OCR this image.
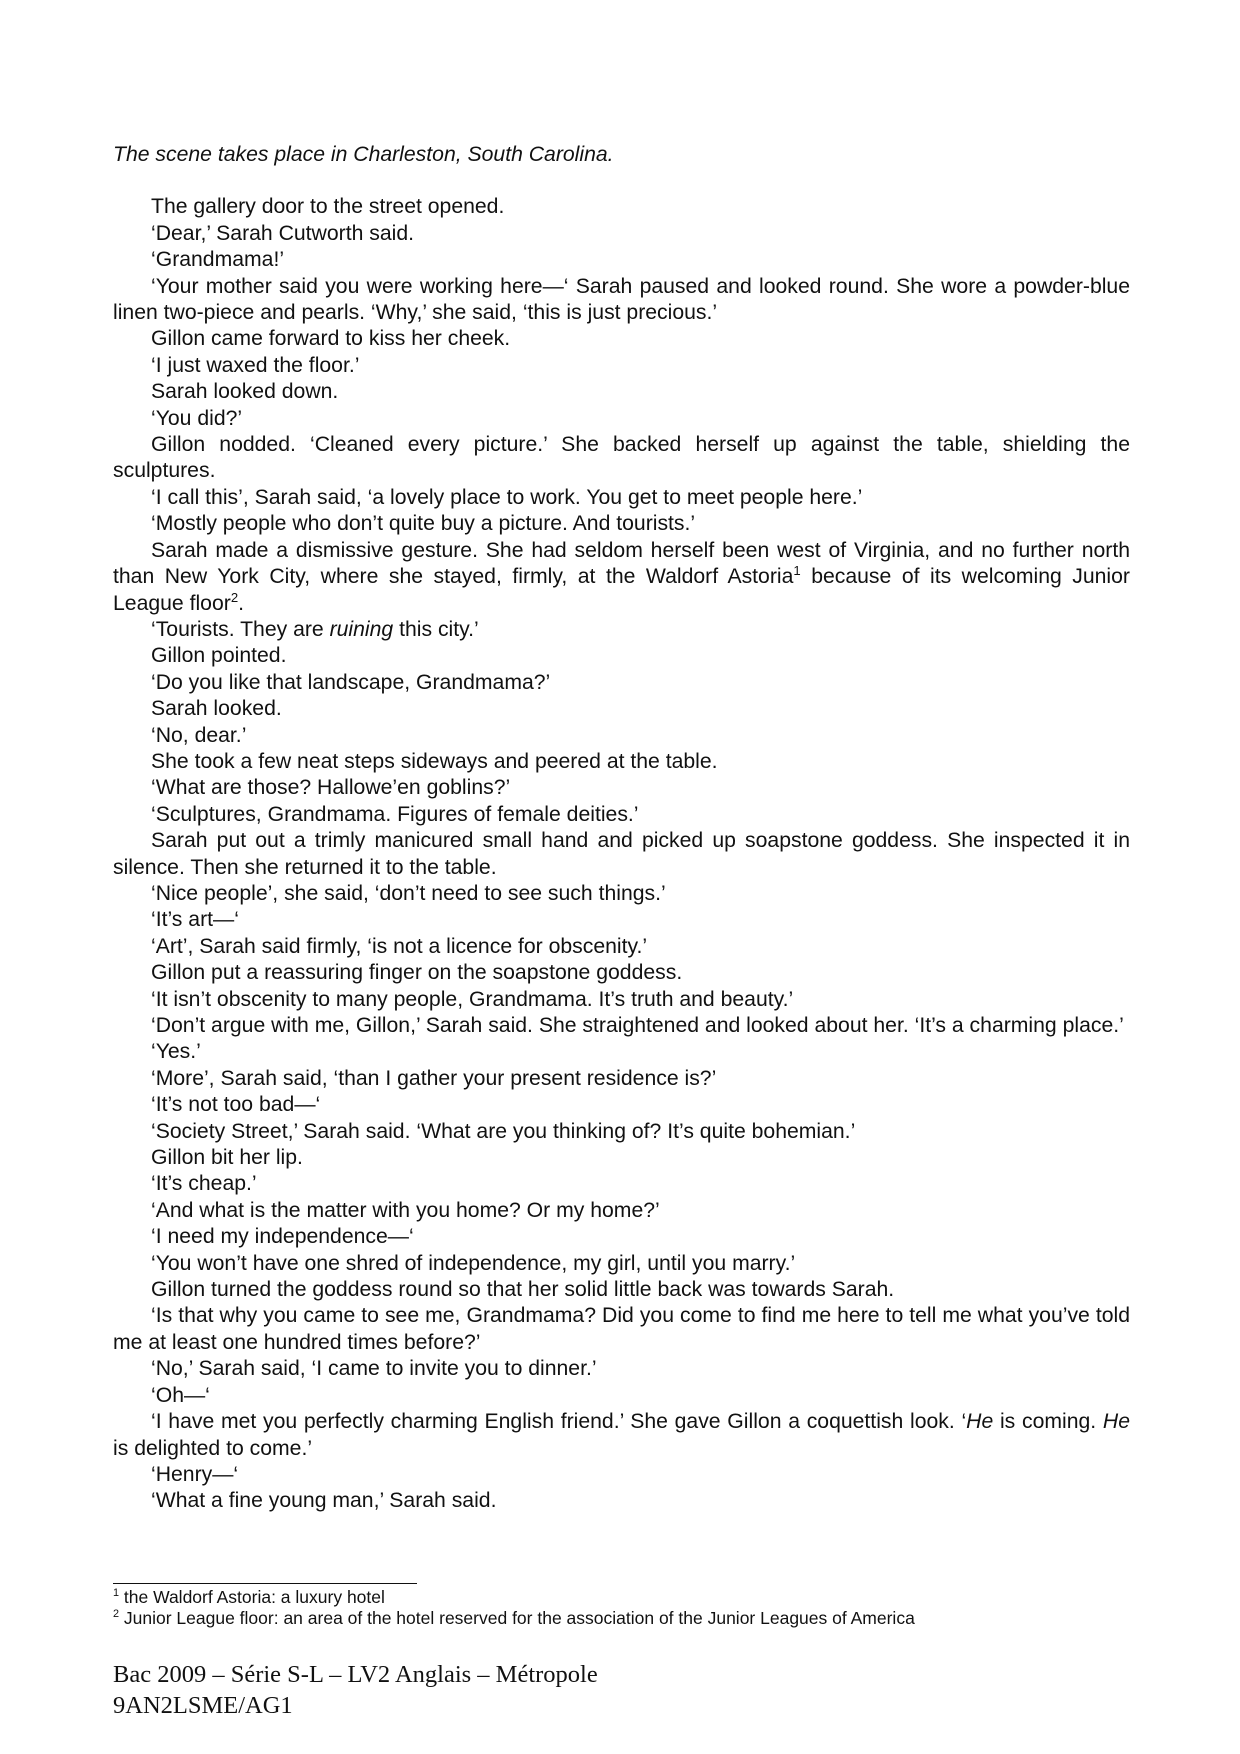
The scene takes place in Charleston, South Carolina.

The gallery door to the street opened.

‘Dear,’ Sarah Cutworth said.

‘Grandmama!’

‘Your mother said you were working here—‘ Sarah paused and looked round. She wore a powder-blue linen two-piece and pearls. ‘Why,’ she said, ‘this is just precious.’

Gillon came forward to kiss her cheek.

‘I just waxed the floor.’

Sarah looked down.

‘You did?’

Gillon nodded. ‘Cleaned every picture.’ She backed herself up against the table, shielding the sculptures.

‘I call this’, Sarah said, ‘a lovely place to work. You get to meet people here.’

‘Mostly people who don’t quite buy a picture. And tourists.’

Sarah made a dismissive gesture. She had seldom herself been west of Virginia, and no further north than New York City, where she stayed, firmly, at the Waldorf Astoria$^1$ because of its welcoming Junior League floor$^2$.

‘Tourists. They are ruining this city.’

Gillon pointed.

‘Do you like that landscape, Grandmama?’

Sarah looked.

‘No, dear.’

She took a few neat steps sideways and peered at the table.

‘What are those? Hallowe’en goblins?’

‘Sculptures, Grandmama. Figures of female deities.’

Sarah put out a trimly manicured small hand and picked up soapstone goddess. She inspected it in silence. Then she returned it to the table.

‘Nice people’, she said, ‘don’t need to see such things.’

‘It’s art—‘

‘Art’, Sarah said firmly, ‘is not a licence for obscenity.’

Gillon put a reassuring finger on the soapstone goddess.

‘It isn’t obscenity to many people, Grandmama. It’s truth and beauty.’

‘Don’t argue with me, Gillon,’ Sarah said. She straightened and looked about her. ‘It’s a charming place.’

‘Yes.’

‘More’, Sarah said, ‘than I gather your present residence is?’

‘It’s not too bad—‘

‘Society Street,’ Sarah said. ‘What are you thinking of? It’s quite bohemian.’

Gillon bit her lip.

‘It’s cheap.’

‘And what is the matter with you home? Or my home?’

‘I need my independence—‘

‘You won’t have one shred of independence, my girl, until you marry.’

Gillon turned the goddess round so that her solid little back was towards Sarah.

‘Is that why you came to see me, Grandmama? Did you come to find me here to tell me what you’ve told me at least one hundred times before?’

‘No,’ Sarah said, ‘I came to invite you to dinner.’

‘Oh—‘

‘I have met you perfectly charming English friend.’ She gave Gillon a coquettish look. ‘He is coming. He is delighted to come.’

‘Henry—‘

‘What a fine young man,’ Sarah said.

$^1$ the Waldorf Astoria: a luxury hotel

$^2$ Junior League floor: an area of the hotel reserved for the association of the Junior Leagues of America

Bac 2009 – Série S-L – LV2 Anglais – Métropole
9AN2LSME/AG1
